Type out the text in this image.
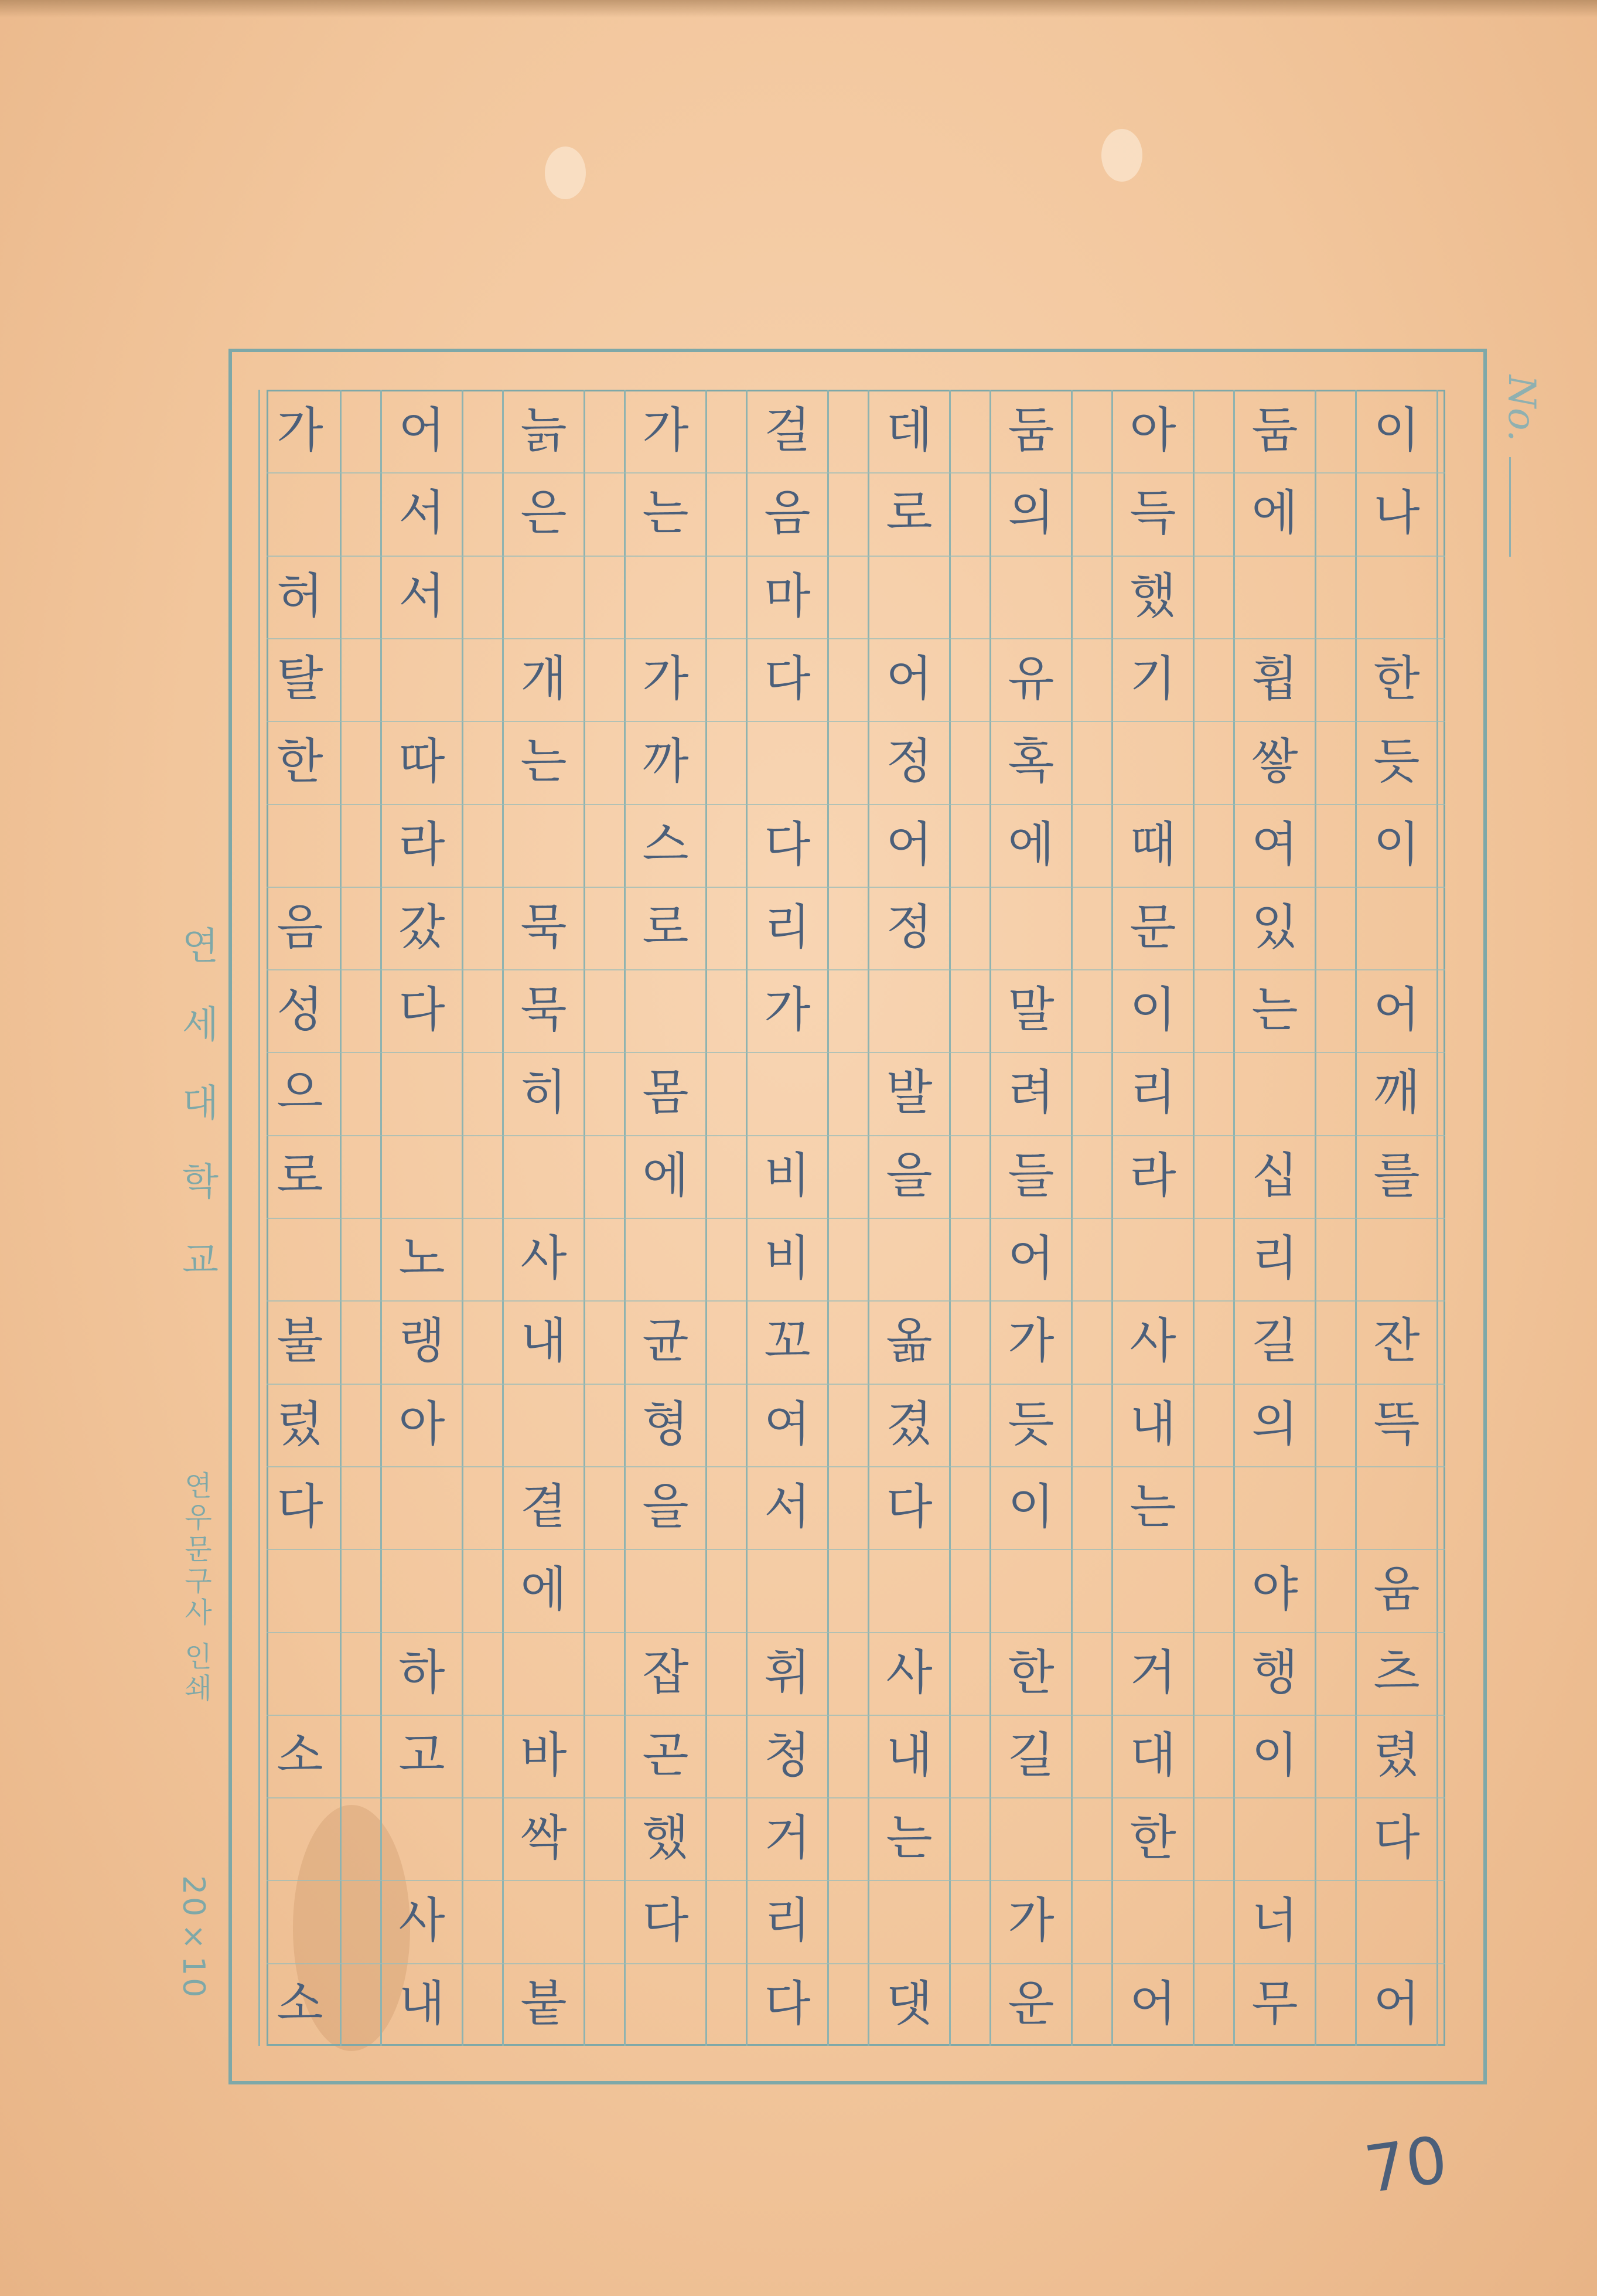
이
나
한
듯
이
어
깨
를
잔
뜩
움
츠
렸
다
어
둠
에
휩
쌓
여
있
는
십
리
길
의
야
행
이
너
무
아
득
했
기
때
문
이
리
라
사
내
는
거
대
한
어
둠
의
유
혹
에
말
려
들
어
가
듯
이
한
길
가
운
데
로
어
정
어
정
발
을
옮
겼
다
사
내
는
댓
걸
음
마
다
다
리
가
비
비
꼬
여
서
휘
청
거
리
다
가
는
가
까
스
로
몸
에
균
형
을
잡
곤
했
다
늙
은
개
는
묵
묵
히
사
내
곁
에
바
싹
붙
어
서
서
따
라
갔
다
노
랭
아
하
고
사
내
가
허
탈
한
음
성
으
로
불
렀
다
소
소
연세대학교
연우문구사 인쇄
20×10
No.
70
